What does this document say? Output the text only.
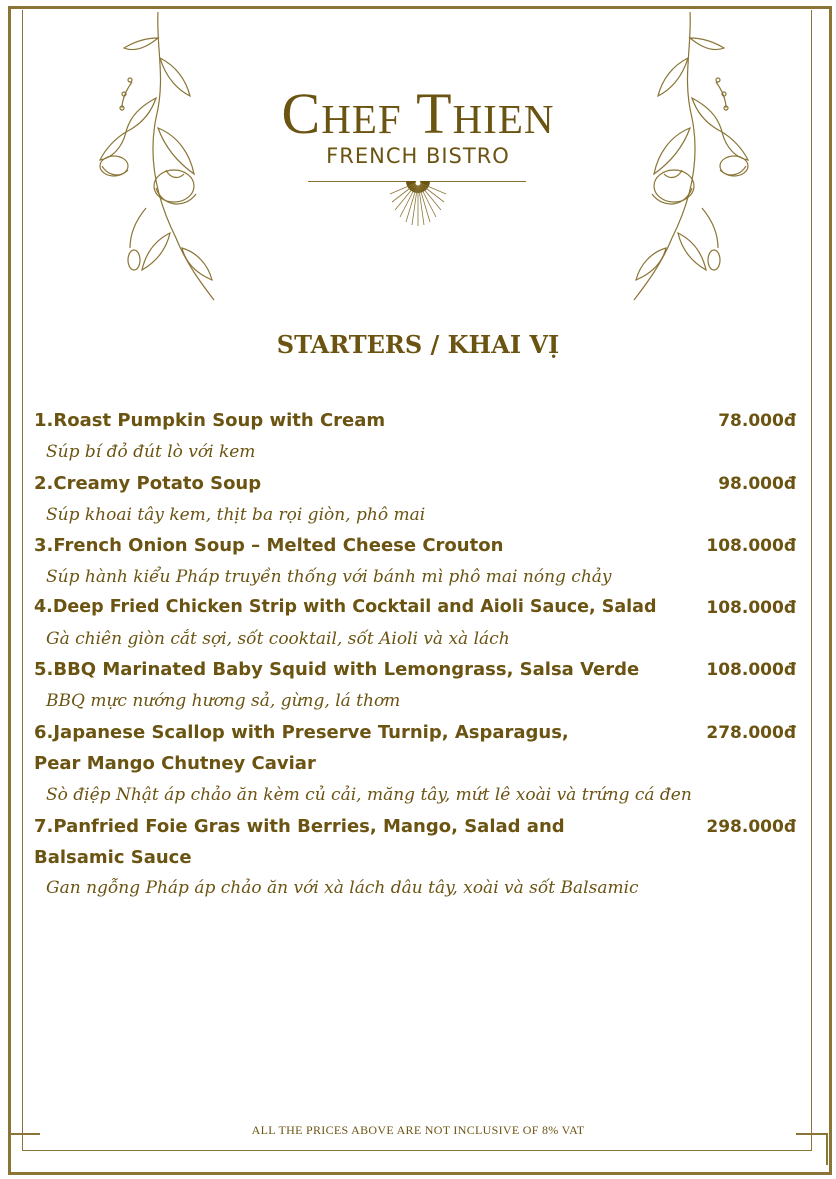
Chef Thien
FRENCH BISTRO
STARTERS / KHAI VỊ
1.Roast Pumpkin Soup with Cream	78.000đ
Súp bí đỏ đút lò với kem
2.Creamy Potato Soup	98.000đ
Súp khoai tây kem, thịt ba rọi giòn, phô mai
3.French Onion Soup – Melted Cheese Crouton	108.000đ
Súp hành kiểu Pháp truyền thống với bánh mì phô mai nóng chảy
4.Deep Fried Chicken Strip with Cocktail and Aioli Sauce, Salad	108.000đ
Gà chiên giòn cắt sợi, sốt cooktail, sốt Aioli và xà lách
5.BBQ Marinated Baby Squid with Lemongrass, Salsa Verde	108.000đ
BBQ mực nướng hương sả, gừng, lá thơm
6.Japanese Scallop with Preserve Turnip, Asparagus,	278.000đ
Pear Mango Chutney Caviar
Sò điệp Nhật áp chảo ăn kèm củ cải, măng tây, mứt lê xoài và trứng cá đen
7.Panfried Foie Gras with Berries, Mango, Salad and	298.000đ
Balsamic Sauce
Gan ngỗng Pháp áp chảo ăn với xà lách dâu tây, xoài và sốt Balsamic
ALL THE PRICES ABOVE ARE NOT INCLUSIVE OF 8% VAT
